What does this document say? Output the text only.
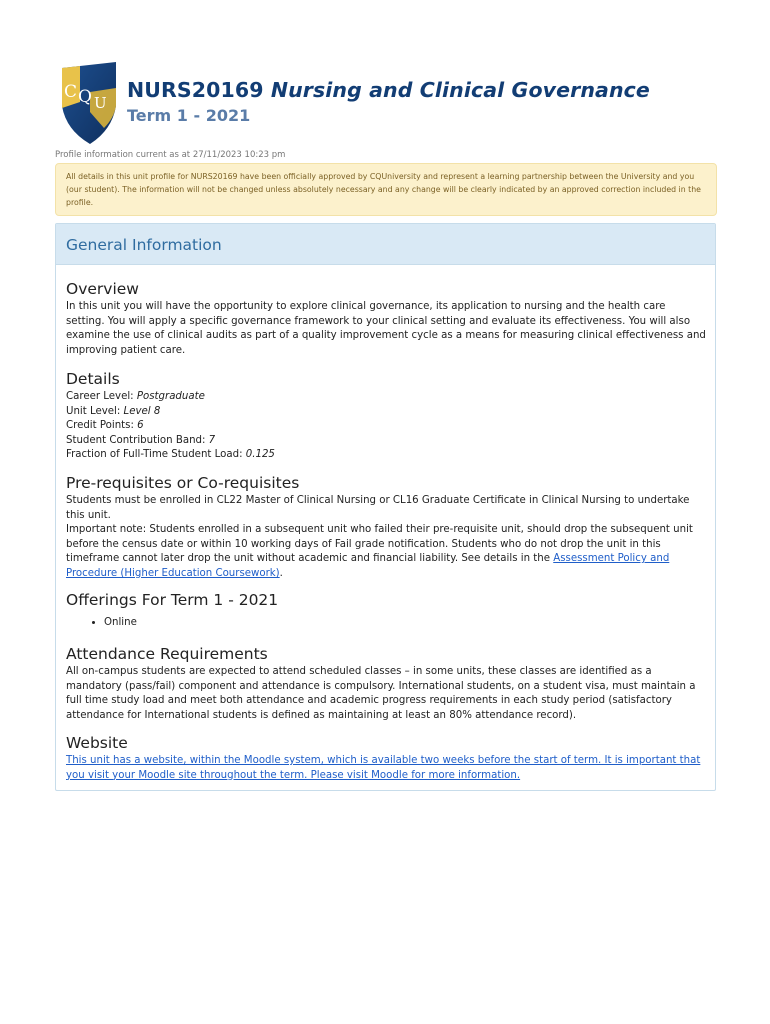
C Q U
NURS20169 Nursing and Clinical Governance
Term 1 - 2021
Profile information current as at 27/11/2023 10:23 pm
All details in this unit profile for NURS20169 have been officially approved by CQUniversity and represent a learning partnership between the University and you (our student). The information will not be changed unless absolutely necessary and any change will be clearly indicated by an approved correction included in the profile.
General Information
Overview

In this unit you will have the opportunity to explore clinical governance, its application to nursing and the health care setting. You will apply a specific governance framework to your clinical setting and evaluate its effectiveness. You will also examine the use of clinical audits as part of a quality improvement cycle as a means for measuring clinical effectiveness and improving patient care.

Details
Career Level: Postgraduate
Unit Level: Level 8
Credit Points: 6
Student Contribution Band: 7
Fraction of Full-Time Student Load: 0.125
Pre-requisites or Co-requisites

Students must be enrolled in CL22 Master of Clinical Nursing or CL16 Graduate Certificate in Clinical Nursing to undertake this unit.

Important note: Students enrolled in a subsequent unit who failed their pre-requisite unit, should drop the subsequent unit before the census date or within 10 working days of Fail grade notification. Students who do not drop the unit in this timeframe cannot later drop the unit without academic and financial liability. See details in the Assessment Policy and Procedure (Higher Education Coursework).

Offerings For Term 1 - 2021
• Online
Attendance Requirements

All on-campus students are expected to attend scheduled classes – in some units, these classes are identified as a mandatory (pass/fail) component and attendance is compulsory. International students, on a student visa, must maintain a full time study load and meet both attendance and academic progress requirements in each study period (satisfactory attendance for International students is defined as maintaining at least an 80% attendance record).

Website

This unit has a website, within the Moodle system, which is available two weeks before the start of term. It is important that you visit your Moodle site throughout the term. Please visit Moodle for more information.
